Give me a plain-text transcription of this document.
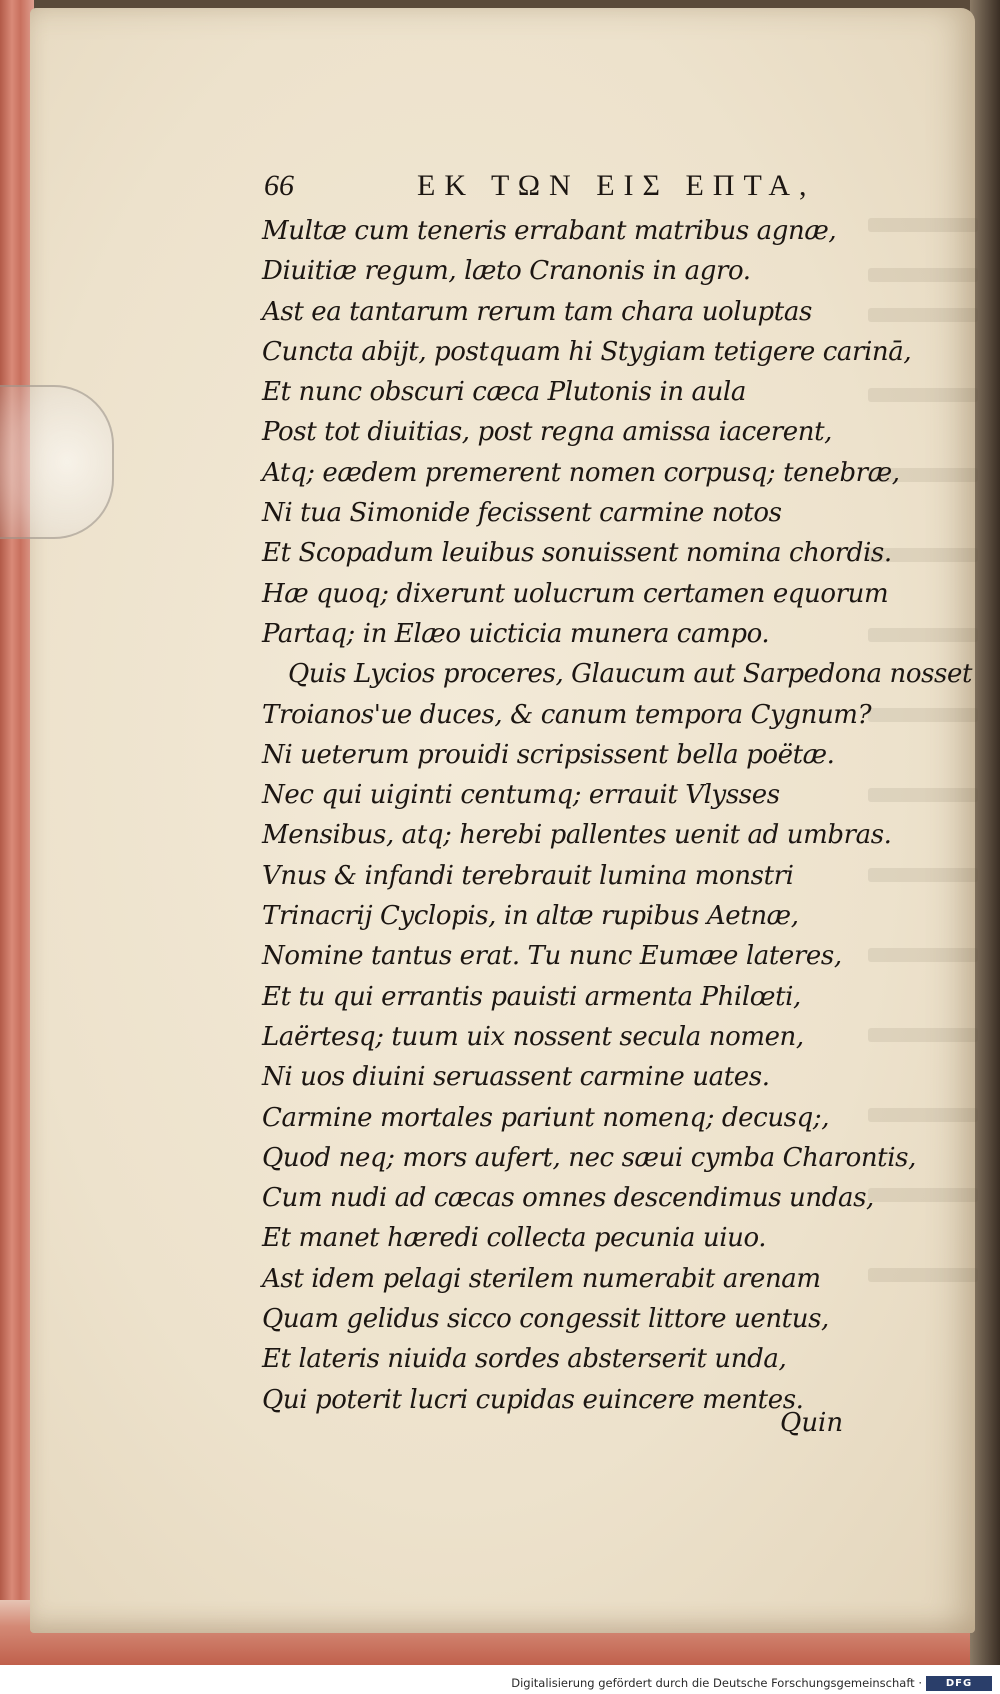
66	ΕΚ ΤΩΝ ΕΙΣ ΕΠΤΑ,
Multæ cum teneris errabant matribus agnæ,
Diuitiæ regum, læto Cranonis in agro.
Ast ea tantarum rerum tam chara uoluptas
Cuncta abijt, postquam hi Stygiam tetigere carinā,
Et nunc obscuri cæca Plutonis in aula
Post tot diuitias, post regna amissa iacerent,
Atq; eædem premerent nomen corpusq; tenebræ,
Ni tua Simonide fecissent carmine notos
Et Scopadum leuibus sonuissent nomina chordis.
Hæ quoq; dixerunt uolucrum certamen equorum
Partaq; in Elæo uicticia munera campo.
Quis Lycios proceres, Glaucum aut Sarpedona nosset
Troianos'ue duces, & canum tempora Cygnum?
Ni ueterum prouidi scripsissent bella poëtæ.
Nec qui uiginti centumq; errauit Vlysses
Mensibus, atq; herebi pallentes uenit ad umbras.
Vnus & infandi terebrauit lumina monstri
Trinacrij Cyclopis, in altæ rupibus Aetnæ,
Nomine tantus erat. Tu nunc Eumæe lateres,
Et tu qui errantis pauisti armenta Philœti,
Laërtesq; tuum uix nossent secula nomen,
Ni uos diuini seruassent carmine uates.
Carmine mortales pariunt nomenq; decusq;,
Quod neq; mors aufert, nec sæui cymba Charontis,
Cum nudi ad cæcas omnes descendimus undas,
Et manet hæredi collecta pecunia uiuo.
Ast idem pelagi sterilem numerabit arenam
Quam gelidus sicco congessit littore uentus,
Et lateris niuida sordes absterserit unda,
Qui poterit lucri cupidas euincere mentes.
Quin
Digitalisierung gefördert durch die Deutsche Forschungsgemeinschaft ·	DFG
